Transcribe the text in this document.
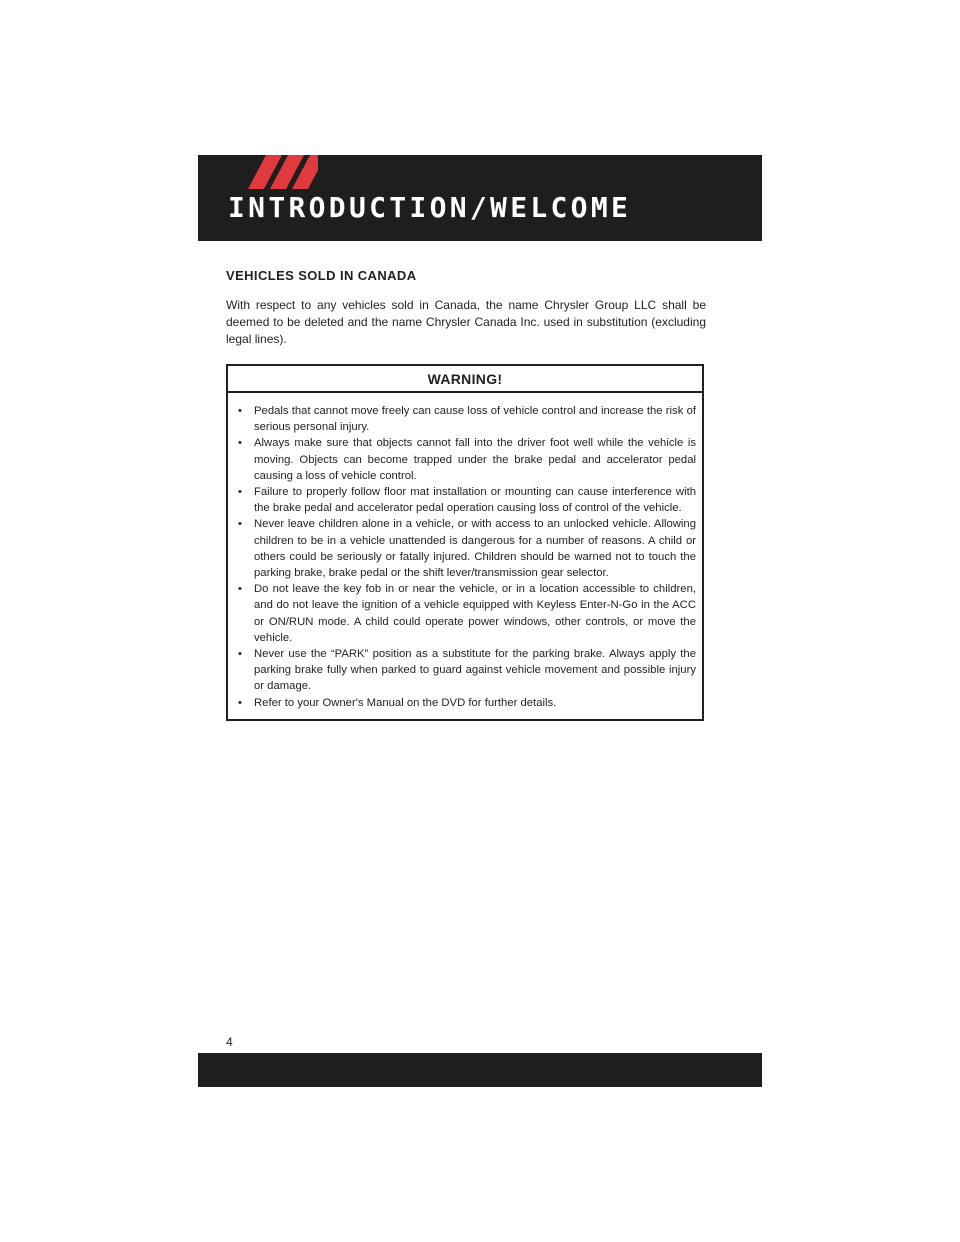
INTRODUCTION/WELCOME
VEHICLES SOLD IN CANADA

With respect to any vehicles sold in Canada, the name Chrysler Group LLC shall be deemed to be deleted and the name Chrysler Canada Inc. used in substitution (excluding legal lines).

WARNING!
• Pedals that cannot move freely can cause loss of vehicle control and increase the risk of serious personal injury.
• Always make sure that objects cannot fall into the driver foot well while the vehicle is moving. Objects can become trapped under the brake pedal and accelerator pedal causing a loss of vehicle control.
• Failure to properly follow floor mat installation or mounting can cause interference with the brake pedal and accelerator pedal operation causing loss of control of the vehicle.
• Never leave children alone in a vehicle, or with access to an unlocked vehicle. Allowing children to be in a vehicle unattended is dangerous for a number of reasons. A child or others could be seriously or fatally injured. Children should be warned not to touch the parking brake, brake pedal or the shift lever/transmission gear selector.
• Do not leave the key fob in or near the vehicle, or in a location accessible to children, and do not leave the ignition of a vehicle equipped with Keyless Enter-N-Go in the ACC or ON/RUN mode. A child could operate power windows, other controls, or move the vehicle.
• Never use the “PARK” position as a substitute for the parking brake. Always apply the parking brake fully when parked to guard against vehicle movement and possible injury or damage.
• Refer to your Owner's Manual on the DVD for further details.
4
